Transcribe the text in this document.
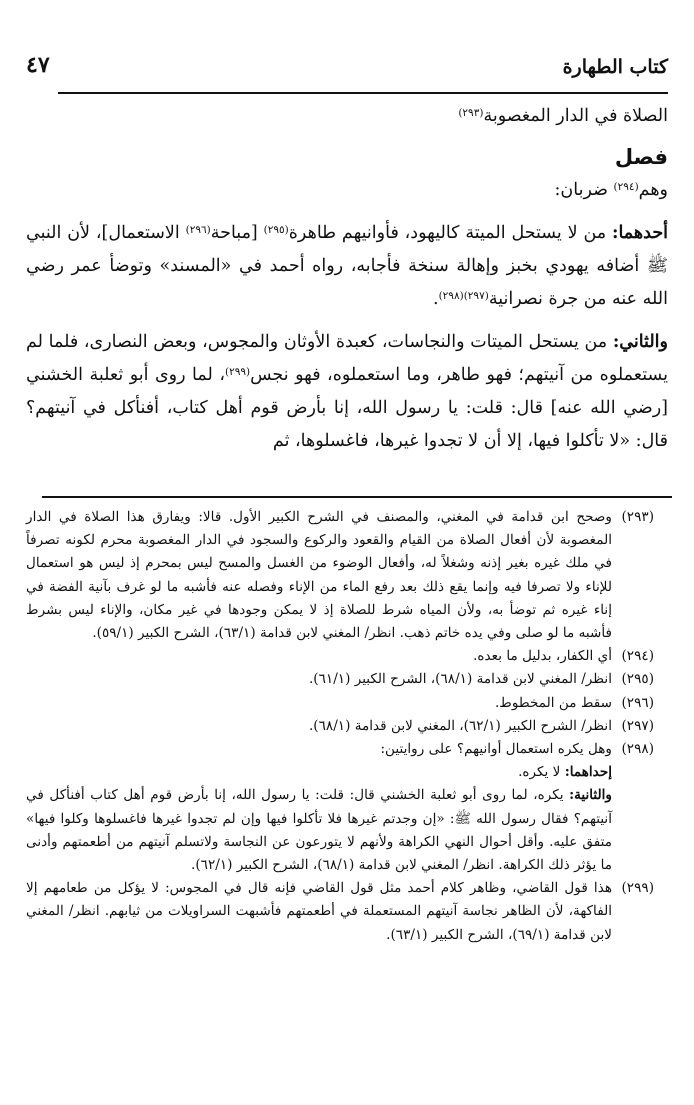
كتاب الطهارة
٤٧

الصلاة في الدار المغصوبة$^{(٢٩٣)}$

فصل

وهم$^{(٢٩٤)}$ ضربان:

أحدهما: من لا يستحل الميتة كاليهود، فأوانيهم طاهرة$^{(٢٩٥)}$ [مباحة$^{(٢٩٦)}$ الاستعمال]، لأن النبي ﷺ أضافه يهودي بخبز وإهالة سنخة فأجابه، رواه أحمد في «المسند» وتوضأ عمر رضي الله عنه من جرة نصرانية$^{(٢٩٧)(٢٩٨)}$.

والثاني: من يستحل الميتات والنجاسات، كعبدة الأوثان والمجوس، وبعض النصارى، فلما لم يستعملوه من آنيتهم؛ فهو طاهر، وما استعملوه، فهو نجس$^{(٢٩٩)}$، لما روى أبو ثعلبة الخشني [رضي الله عنه] قال: قلت: يا رسول الله، إنا بأرض قوم أهل كتاب، أفنأكل في آنيتهم؟ قال: «لا تأكلوا فيها، إلا أن لا تجدوا غيرها، فاغسلوها، ثم

(٢٩٣)
وصحح ابن قدامة في المغني، والمصنف في الشرح الكبير الأول. قالا: ويفارق هذا الصلاة في الدار المغصوبة لأن أفعال الصلاة من القيام والقعود والركوع والسجود في الدار المغصوبة محرم لكونه تصرفاً في ملك غيره بغير إذنه وشغلاً له، وأفعال الوضوء من الغسل والمسح ليس بمحرم إذ ليس هو استعمال للإناء ولا تصرفا فيه وإنما يقع ذلك بعد رفع الماء من الإناء وفصله عنه فأشبه ما لو غرف بآنية الفضة في إناء غيره ثم توضأ به، ولأن المياه شرط للصلاة إذ لا يمكن وجودها في غير مكان، والإناء ليس بشرط فأشبه ما لو صلى وفي يده خاتم ذهب. انظر/ المغني لابن قدامة (٦٣/١)، الشرح الكبير (٥٩/١).
(٢٩٤)
أي الكفار، بدليل ما بعده.
(٢٩٥)
انظر/ المغني لابن قدامة (٦٨/١)، الشرح الكبير (٦١/١).
(٢٩٦)
سقط من المخطوط.
(٢٩٧)
انظر/ الشرح الكبير (٦٢/١)، المغني لابن قدامة (٦٨/١).
(٢٩٨)
وهل يكره استعمال أوانيهم؟ على روايتين:
إحداهما: لا يكره.
والثانية: يكره، لما روى أبو ثعلبة الخشني قال: قلت: يا رسول الله، إنا بأرض قوم أهل كتاب أفنأكل في آنيتهم؟ فقال رسول الله ﷺ: «إن وجدتم غيرها فلا تأكلوا فيها وإن لم تجدوا غيرها فاغسلوها وكلوا فيها» متفق عليه. وأقل أحوال النهي الكراهة ولأنهم لا يتورعون عن النجاسة ولاتسلم آنيتهم من أطعمتهم وأدنى ما يؤثر ذلك الكراهة. انظر/ المغني لابن قدامة (٦٨/١)، الشرح الكبير (٦٢/١).
(٢٩٩)
هذا قول القاضي، وظاهر كلام أحمد مثل قول القاضي فإنه قال في المجوس: لا يؤكل من طعامهم إلا الفاكهة، لأن الظاهر نجاسة آنيتهم المستعملة في أطعمتهم فأشبهت السراويلات من ثيابهم. انظر/ المغني لابن قدامة (٦٩/١)، الشرح الكبير (٦٣/١).
